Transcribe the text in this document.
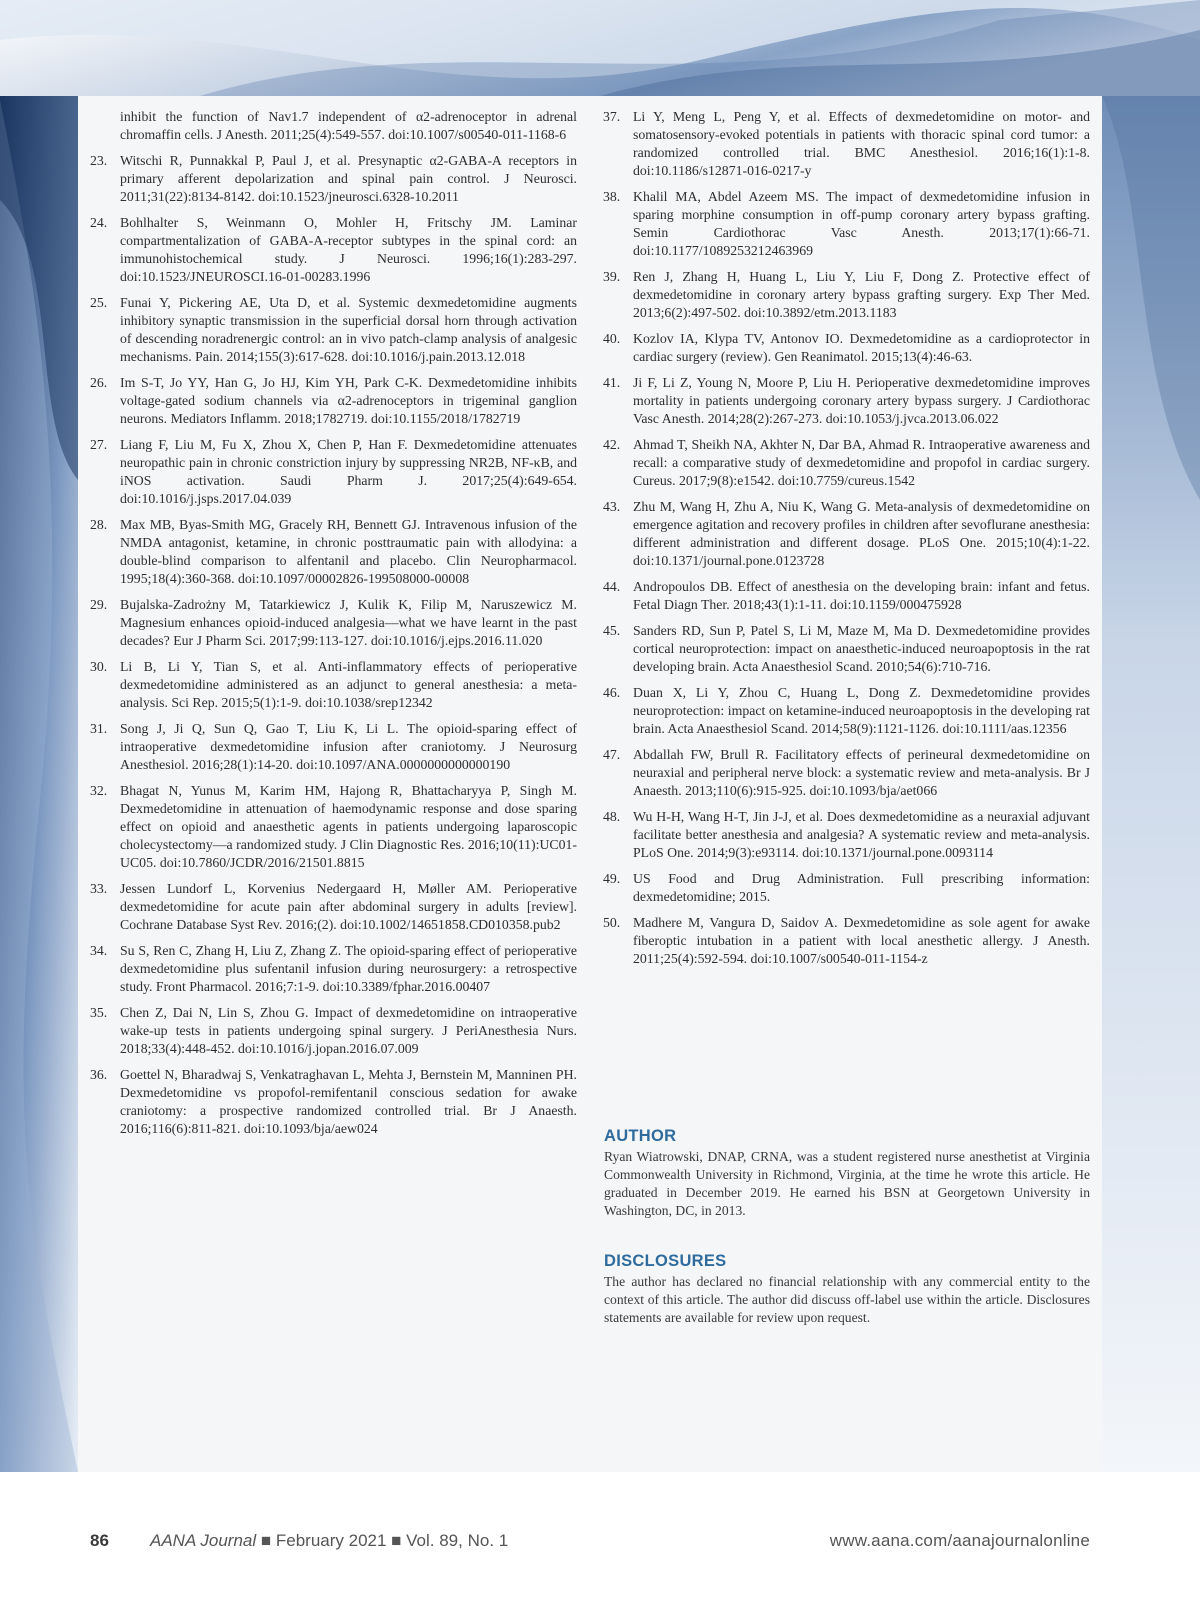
inhibit the function of Nav1.7 independent of α2-adrenoceptor in adrenal chromaffin cells. J Anesth. 2011;25(4):549-557. doi:10.1007/s00540-011-1168-6
23. Witschi R, Punnakkal P, Paul J, et al. Presynaptic α2-GABA-A receptors in primary afferent depolarization and spinal pain control. J Neurosci. 2011;31(22):8134-8142. doi:10.1523/jneurosci.6328-10.2011
24. Bohlhalter S, Weinmann O, Mohler H, Fritschy JM. Laminar compartmentalization of GABA-A-receptor subtypes in the spinal cord: an immunohistochemical study. J Neurosci. 1996;16(1):283-297. doi:10.1523/JNEUROSCI.16-01-00283.1996
25. Funai Y, Pickering AE, Uta D, et al. Systemic dexmedetomidine augments inhibitory synaptic transmission in the superficial dorsal horn through activation of descending noradrenergic control: an in vivo patch-clamp analysis of analgesic mechanisms. Pain. 2014;155(3):617-628. doi:10.1016/j.pain.2013.12.018
26. Im S-T, Jo YY, Han G, Jo HJ, Kim YH, Park C-K. Dexmedetomidine inhibits voltage-gated sodium channels via α2-adrenoceptors in trigeminal ganglion neurons. Mediators Inflamm. 2018;1782719. doi:10.1155/2018/1782719
27. Liang F, Liu M, Fu X, Zhou X, Chen P, Han F. Dexmedetomidine attenuates neuropathic pain in chronic constriction injury by suppressing NR2B, NF-κB, and iNOS activation. Saudi Pharm J. 2017;25(4):649-654. doi:10.1016/j.jsps.2017.04.039
28. Max MB, Byas-Smith MG, Gracely RH, Bennett GJ. Intravenous infusion of the NMDA antagonist, ketamine, in chronic posttraumatic pain with allodyina: a double-blind comparison to alfentanil and placebo. Clin Neuropharmacol. 1995;18(4):360-368. doi:10.1097/00002826-199508000-00008
29. Bujalska-Zadrożny M, Tatarkiewicz J, Kulik K, Filip M, Naruszewicz M. Magnesium enhances opioid-induced analgesia—what we have learnt in the past decades? Eur J Pharm Sci. 2017;99:113-127. doi:10.1016/j.ejps.2016.11.020
30. Li B, Li Y, Tian S, et al. Anti-inflammatory effects of perioperative dexmedetomidine administered as an adjunct to general anesthesia: a meta-analysis. Sci Rep. 2015;5(1):1-9. doi:10.1038/srep12342
31. Song J, Ji Q, Sun Q, Gao T, Liu K, Li L. The opioid-sparing effect of intraoperative dexmedetomidine infusion after craniotomy. J Neurosurg Anesthesiol. 2016;28(1):14-20. doi:10.1097/ANA.0000000000000190
32. Bhagat N, Yunus M, Karim HM, Hajong R, Bhattacharyya P, Singh M. Dexmedetomidine in attenuation of haemodynamic response and dose sparing effect on opioid and anaesthetic agents in patients undergoing laparoscopic cholecystectomy—a randomized study. J Clin Diagnostic Res. 2016;10(11):UC01-UC05. doi:10.7860/JCDR/2016/21501.8815
33. Jessen Lundorf L, Korvenius Nedergaard H, Møller AM. Perioperative dexmedetomidine for acute pain after abdominal surgery in adults [review]. Cochrane Database Syst Rev. 2016;(2). doi:10.1002/14651858.CD010358.pub2
34. Su S, Ren C, Zhang H, Liu Z, Zhang Z. The opioid-sparing effect of perioperative dexmedetomidine plus sufentanil infusion during neurosurgery: a retrospective study. Front Pharmacol. 2016;7:1-9. doi:10.3389/fphar.2016.00407
35. Chen Z, Dai N, Lin S, Zhou G. Impact of dexmedetomidine on intraoperative wake-up tests in patients undergoing spinal surgery. J PeriAnesthesia Nurs. 2018;33(4):448-452. doi:10.1016/j.jopan.2016.07.009
36. Goettel N, Bharadwaj S, Venkatraghavan L, Mehta J, Bernstein M, Manninen PH. Dexmedetomidine vs propofol-remifentanil conscious sedation for awake craniotomy: a prospective randomized controlled trial. Br J Anaesth. 2016;116(6):811-821. doi:10.1093/bja/aew024
37. Li Y, Meng L, Peng Y, et al. Effects of dexmedetomidine on motor- and somatosensory-evoked potentials in patients with thoracic spinal cord tumor: a randomized controlled trial. BMC Anesthesiol. 2016;16(1):1-8. doi:10.1186/s12871-016-0217-y
38. Khalil MA, Abdel Azeem MS. The impact of dexmedetomidine infusion in sparing morphine consumption in off-pump coronary artery bypass grafting. Semin Cardiothorac Vasc Anesth. 2013;17(1):66-71. doi:10.1177/1089253212463969
39. Ren J, Zhang H, Huang L, Liu Y, Liu F, Dong Z. Protective effect of dexmedetomidine in coronary artery bypass grafting surgery. Exp Ther Med. 2013;6(2):497-502. doi:10.3892/etm.2013.1183
40. Kozlov IA, Klypa TV, Antonov IO. Dexmedetomidine as a cardioprotector in cardiac surgery (review). Gen Reanimatol. 2015;13(4):46-63.
41. Ji F, Li Z, Young N, Moore P, Liu H. Perioperative dexmedetomidine improves mortality in patients undergoing coronary artery bypass surgery. J Cardiothorac Vasc Anesth. 2014;28(2):267-273. doi:10.1053/j.jvca.2013.06.022
42. Ahmad T, Sheikh NA, Akhter N, Dar BA, Ahmad R. Intraoperative awareness and recall: a comparative study of dexmedetomidine and propofol in cardiac surgery. Cureus. 2017;9(8):e1542. doi:10.7759/cureus.1542
43. Zhu M, Wang H, Zhu A, Niu K, Wang G. Meta-analysis of dexmedetomidine on emergence agitation and recovery profiles in children after sevoflurane anesthesia: different administration and different dosage. PLoS One. 2015;10(4):1-22. doi:10.1371/journal.pone.0123728
44. Andropoulos DB. Effect of anesthesia on the developing brain: infant and fetus. Fetal Diagn Ther. 2018;43(1):1-11. doi:10.1159/000475928
45. Sanders RD, Sun P, Patel S, Li M, Maze M, Ma D. Dexmedetomidine provides cortical neuroprotection: impact on anaesthetic-induced neuroapoptosis in the rat developing brain. Acta Anaesthesiol Scand. 2010;54(6):710-716.
46. Duan X, Li Y, Zhou C, Huang L, Dong Z. Dexmedetomidine provides neuroprotection: impact on ketamine-induced neuroapoptosis in the developing rat brain. Acta Anaesthesiol Scand. 2014;58(9):1121-1126. doi:10.1111/aas.12356
47. Abdallah FW, Brull R. Facilitatory effects of perineural dexmedetomidine on neuraxial and peripheral nerve block: a systematic review and meta-analysis. Br J Anaesth. 2013;110(6):915-925. doi:10.1093/bja/aet066
48. Wu H-H, Wang H-T, Jin J-J, et al. Does dexmedetomidine as a neuraxial adjuvant facilitate better anesthesia and analgesia? A systematic review and meta-analysis. PLoS One. 2014;9(3):e93114. doi:10.1371/journal.pone.0093114
49. US Food and Drug Administration. Full prescribing information: dexmedetomidine; 2015.
50. Madhere M, Vangura D, Saidov A. Dexmedetomidine as sole agent for awake fiberoptic intubation in a patient with local anesthetic allergy. J Anesth. 2011;25(4):592-594. doi:10.1007/s00540-011-1154-z
AUTHOR
Ryan Wiatrowski, DNAP, CRNA, was a student registered nurse anesthetist at Virginia Commonwealth University in Richmond, Virginia, at the time he wrote this article. He graduated in December 2019. He earned his BSN at Georgetown University in Washington, DC, in 2013.
DISCLOSURES
The author has declared no financial relationship with any commercial entity to the context of this article. The author did discuss off-label use within the article. Disclosures statements are available for review upon request.
86 AANA Journal ■ February 2021 ■ Vol. 89, No. 1	www.aana.com/aanajournalonline
